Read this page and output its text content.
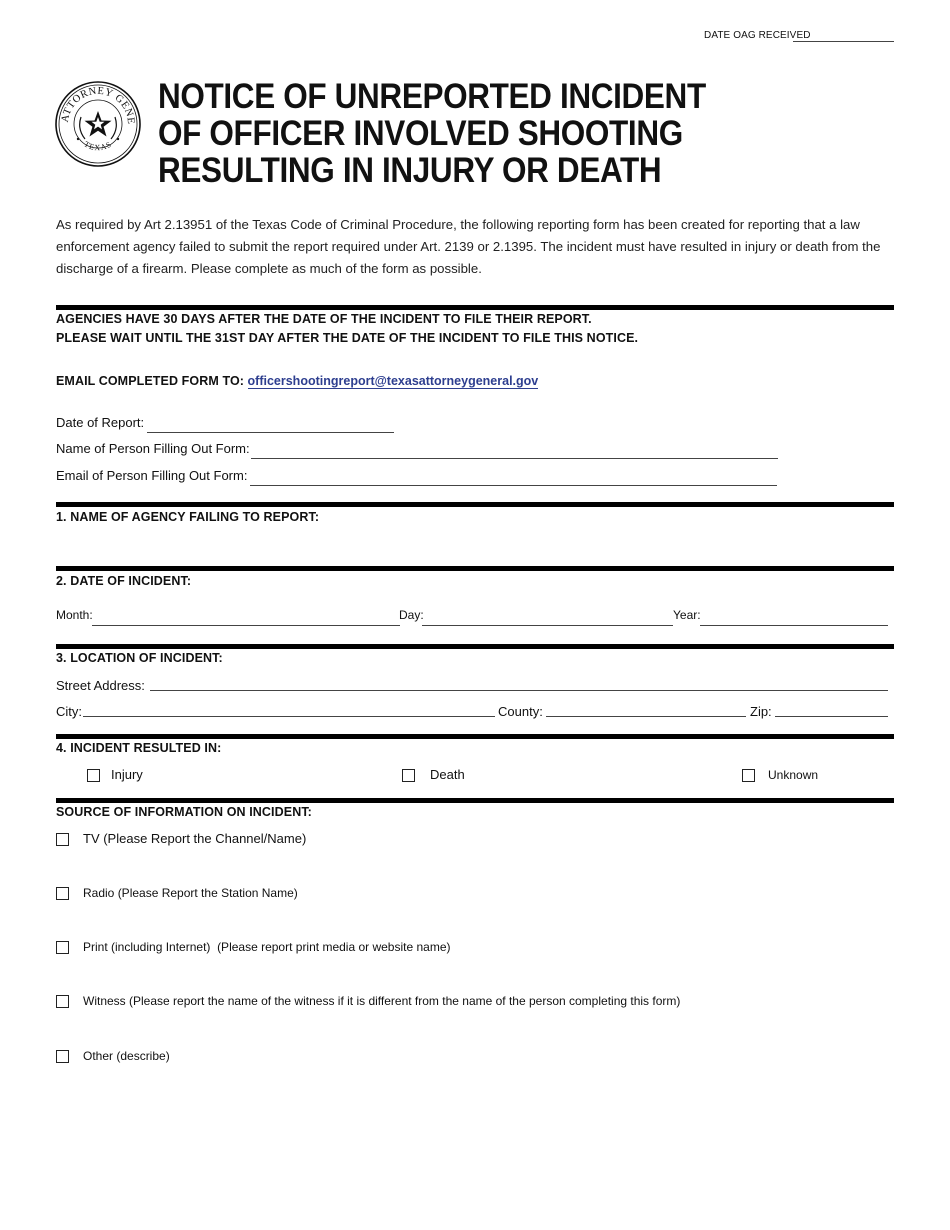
DATE OAG RECEIVED
ATTORNEY GENE
TEXAS
NOTICE OF UNREPORTED INCIDENT
OF OFFICER INVOLVED SHOOTING
RESULTING IN INJURY OR DEATH
As required by Art 2.13951 of the Texas Code of Criminal Procedure, the following reporting form has been created for reporting that a law enforcement agency failed to submit the report required under Art. 2139 or 2.1395. The incident must have resulted in injury or death from the discharge of a firearm. Please complete as much of the form as possible.
AGENCIES HAVE 30 DAYS AFTER THE DATE OF THE INCIDENT TO FILE THEIR REPORT.
PLEASE WAIT UNTIL THE 31ST DAY AFTER THE DATE OF THE INCIDENT TO FILE THIS NOTICE.
EMAIL COMPLETED FORM TO: officershootingreport@texasattorneygeneral.gov
Date of Report:
Name of Person Filling Out Form:
Email of Person Filling Out Form:
1. NAME OF AGENCY FAILING TO REPORT:
2. DATE OF INCIDENT:
Month:	Day:	Year:
3. LOCATION OF INCIDENT:
Street Address:
City:	County:	Zip:
4. INCIDENT RESULTED IN:
Injury	Death	Unknown
SOURCE OF INFORMATION ON INCIDENT:
TV (Please Report the Channel/Name)
Radio (Please Report the Station Name)
Print (including Internet)  (Please report print media or website name)
Witness (Please report the name of the witness if it is different from the name of the person completing this form)
Other (describe)
